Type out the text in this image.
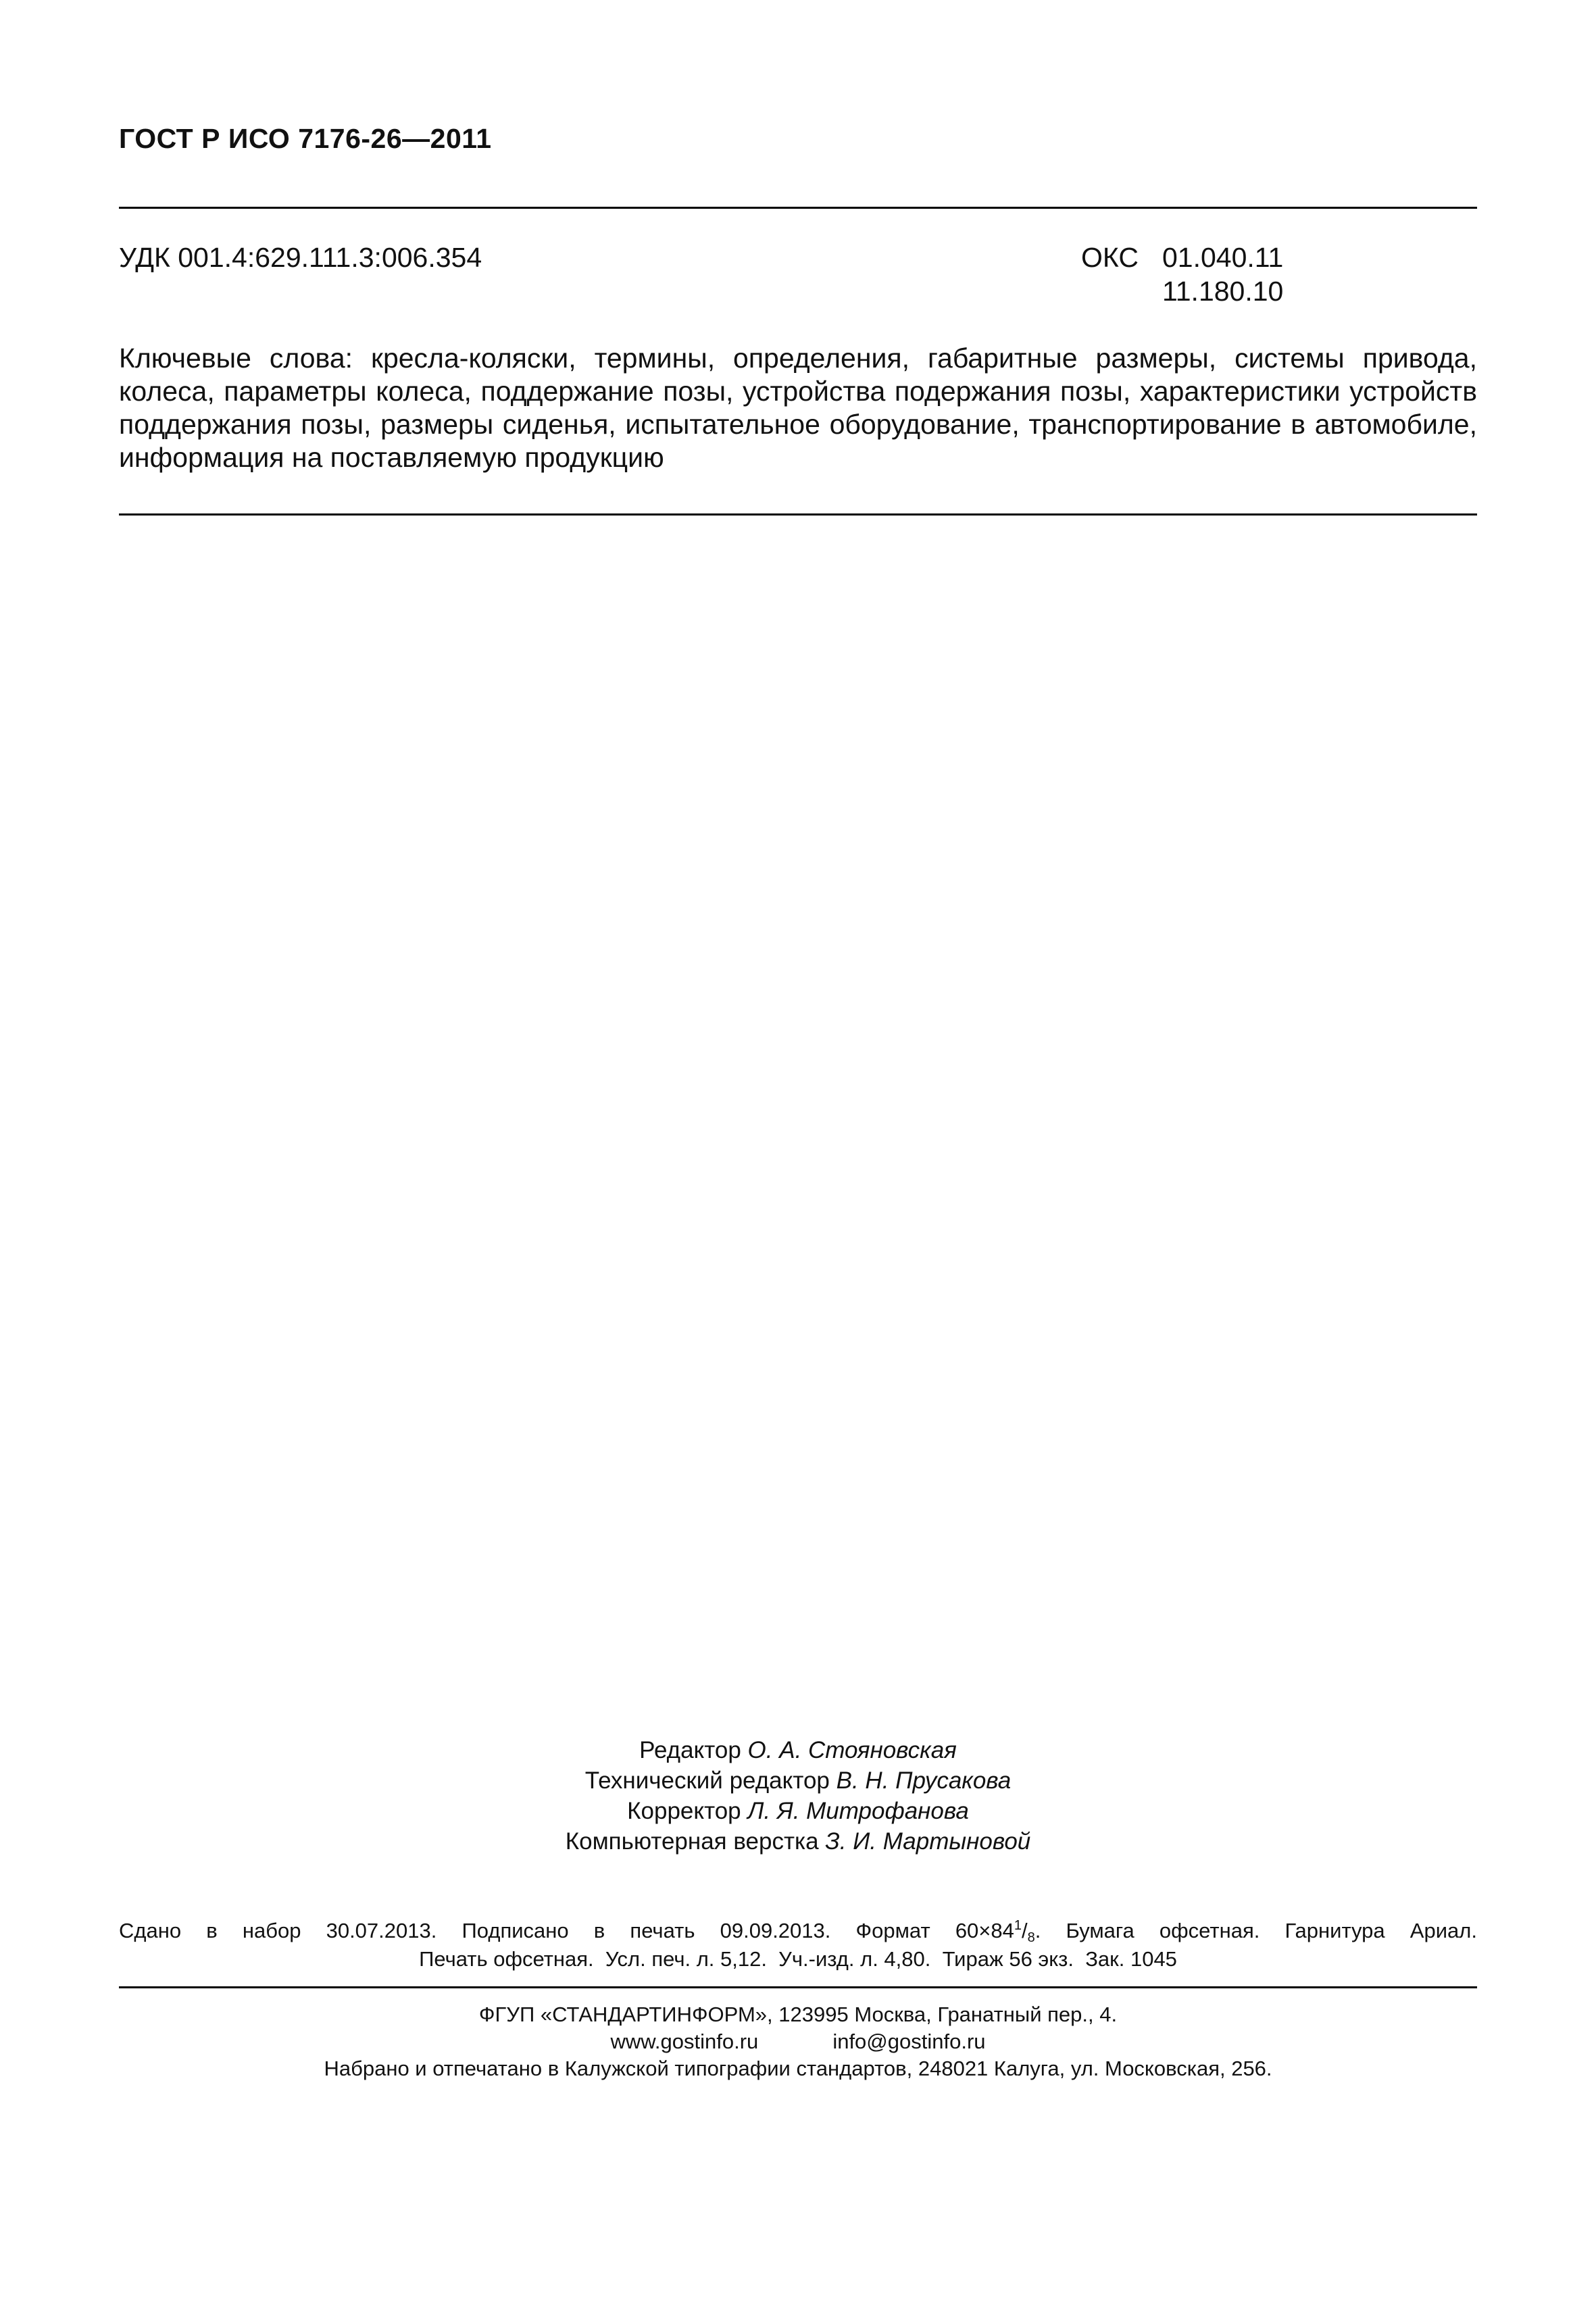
ГОСТ Р ИСО 7176-26—2011
УДК 001.4:629.111.3:006.354	ОКС 01.040.11
11.180.10
Ключевые слова: кресла-коляски, термины, определения, габаритные размеры, системы привода, колеса, параметры колеса, поддержание позы, устройства подержания позы, характеристики устройств поддержания позы, размеры сиденья, испытательное оборудование, транспортирование в автомобиле, информация на поставляемую продукцию
Редактор О. А. Стояновская
Технический редактор В. Н. Прусакова
Корректор Л. Я. Митрофанова
Компьютерная верстка З. И. Мартыновой
Сдано в набор 30.07.2013. Подписано в печать 09.09.2013. Формат $60\times 84^1/_8$. Бумага офсетная. Гарнитура Ариал.
Печать офсетная.  Усл. печ. л. 5,12.  Уч.-изд. л. 4,80.  Тираж 56 экз.  Зак. 1045
ФГУП «СТАНДАРТИНФОРМ», 123995 Москва, Гранатный пер., 4.
www.gostinfo.ru	info@gostinfo.ru
Набрано и отпечатано в Калужской типографии стандартов, 248021 Калуга, ул. Московская, 256.
